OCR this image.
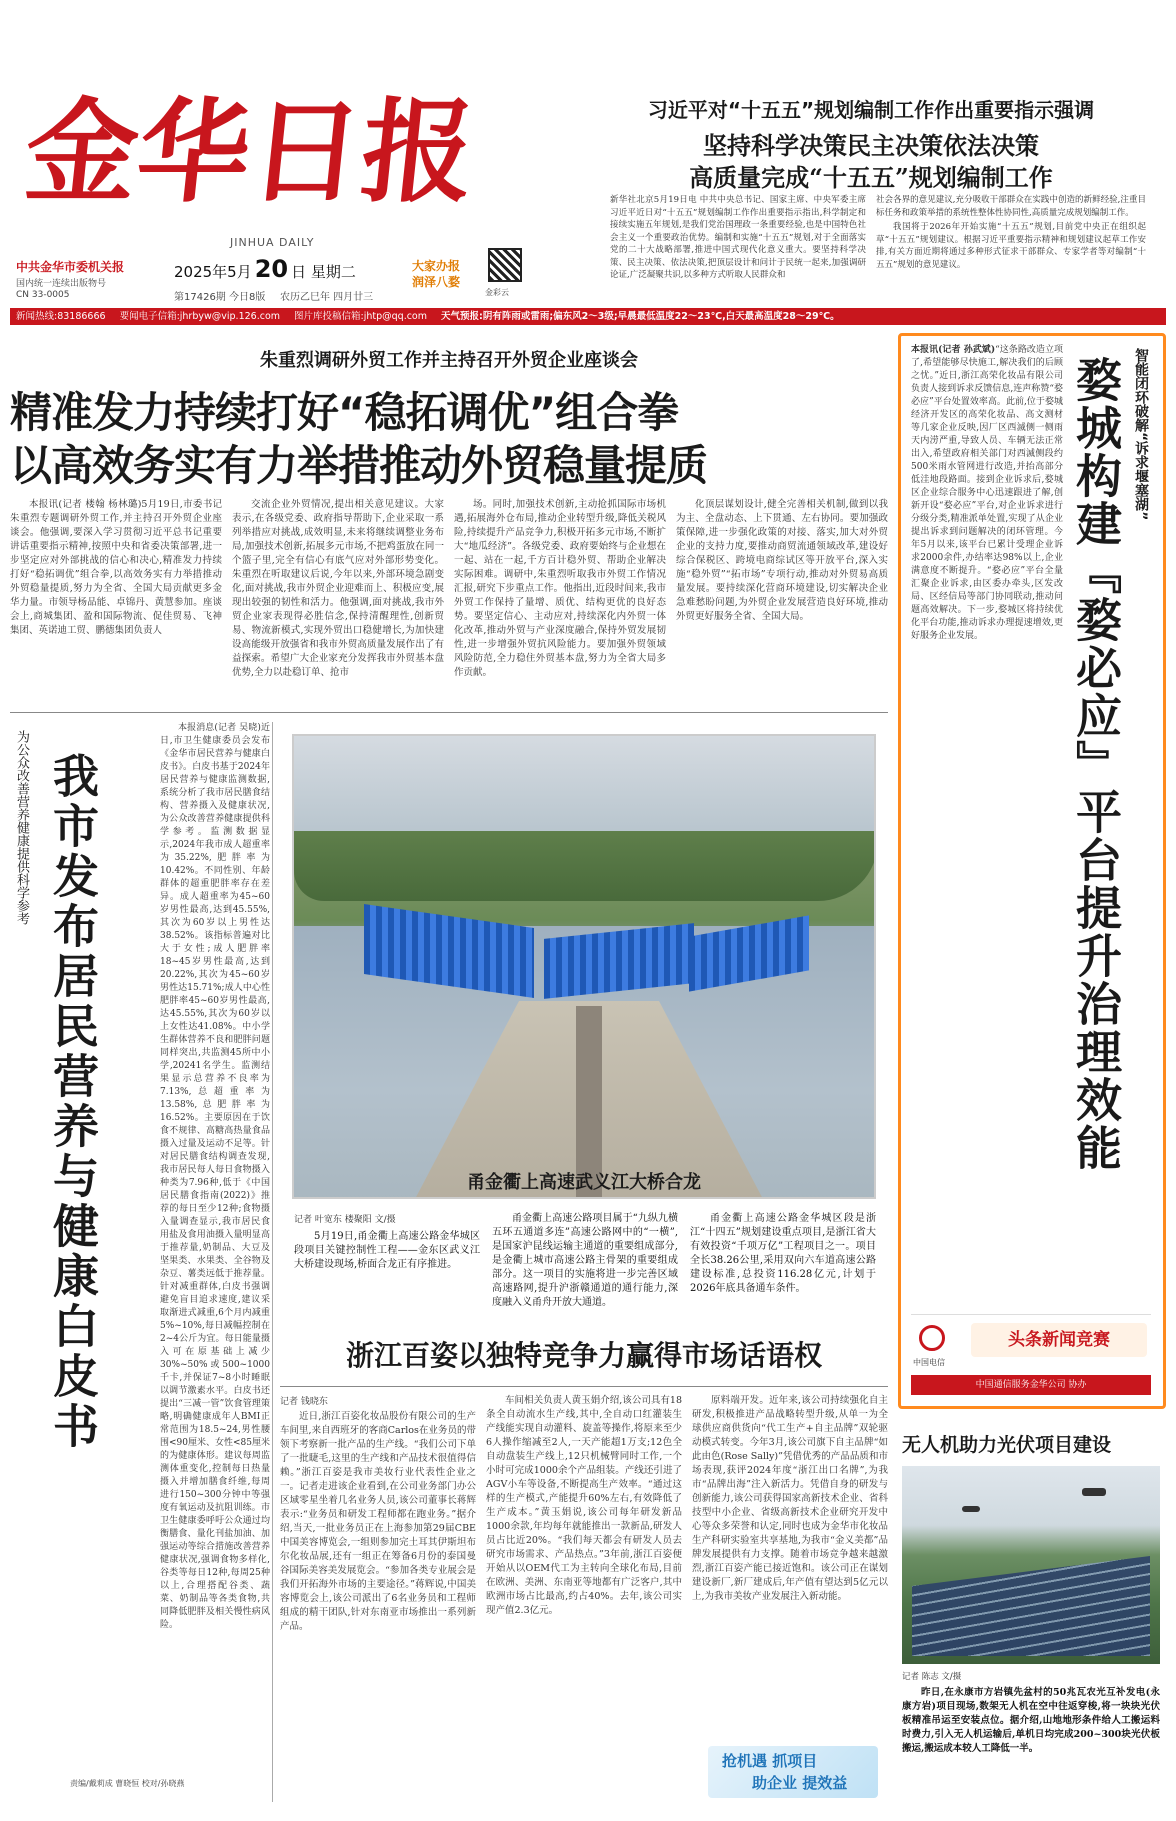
金
华
日
报
JINHUA DAILY
中共金华市委机关报
国内统一连续出版物号
CN 33-0005
2025年5月 20 日 星期二
第17426期 今日8版 农历乙巳年 四月廿三
大家办报
润泽八婺
金彩云
习近平对“十五五”规划编制工作作出重要指示强调
坚持科学决策民主决策依法决策
高质量完成“十五五”规划编制工作
新华社北京5月19日电 中共中央总书记、国家主席、中央军委主席习近平近日对“十五五”规划编制工作作出重要指示指出,科学制定和接续实施五年规划,是我们党治国理政一条重要经验,也是中国特色社会主义一个重要政治优势。编制和实施“十五五”规划,对于全面落实党的二十大战略部署,推进中国式现代化意义重大。要坚持科学决策、民主决策、依法决策,把顶层设计和问计于民统一起来,加强调研论证,广泛凝聚共识,以多种方式听取人民群众和

社会各界的意见建议,充分吸收干部群众在实践中创造的新鲜经验,注重目标任务和政策举措的系统性整体性协同性,高质量完成规划编制工作。

我国将于2026年开始实施“十五五”规划,目前党中央正在组织起草“十五五”规划建议。根据习近平重要指示精神和规划建议起草工作安排,有关方面近期将通过多种形式征求干部群众、专家学者等对编制“十五五”规划的意见建议。

新闻热线:83186666 要闻电子信箱:jhrbyw@vip.126.com 图片库投稿信箱:jhtp@qq.com 天气预报:阴有阵雨或雷雨;偏东风2～3级;早晨最低温度22～23℃,白天最高温度28～29℃。
朱重烈调研外贸工作并主持召开外贸企业座谈会
精准发力持续打好“稳拓调优”组合拳
以高效务实有力举措推动外贸稳量提质
本报讯(记者 楼翰 杨林璐)5月19日,市委书记朱重烈专题调研外贸工作,并主持召开外贸企业座谈会。他强调,要深入学习贯彻习近平总书记重要讲话重要指示精神,按照中央和省委决策部署,进一步坚定应对外部挑战的信心和决心,精准发力持续打好“稳拓调优”组合拳,以高效务实有力举措推动外贸稳量提质,努力为全省、全国大局贡献更多金华力量。市领导杨品能、卓锦丹、黄慧参加。座谈会上,商城集团、盈和国际物流、促佳贸易、飞神集团、英诺迪工贸、鹏德集团负责人
交流企业外贸情况,提出相关意见建议。大家表示,在各级党委、政府指导帮助下,企业采取一系列举措应对挑战,成效明显,未来将继续调整业务布局,加强技术创新,拓展多元市场,不把鸡蛋放在同一个篮子里,完全有信心有底气应对外部形势变化。朱重烈在听取建议后说,今年以来,外部环境急剧变化,面对挑战,我市外贸企业迎难而上、积极应变,展现出较强的韧性和活力。他强调,面对挑战,我市外贸企业家表现得必胜信念,保持清醒理性,创新贸易、物流新模式,实现外贸出口稳健增长,为加快建设高能级开放强省和我市外贸高质量发展作出了有益探索。希望广大企业家充分发挥我市外贸基本盘优势,全力以赴稳订单、抢市
场。同时,加强技术创新,主动抢抓国际市场机遇,拓展海外仓布局,推动企业转型升级,降低关税风险,持续提升产品竞争力,积极开拓多元市场,不断扩大“地瓜经济”。各级党委、政府要始终与企业想在一起、站在一起,千方百计稳外贸、帮助企业解决实际困难。调研中,朱重烈听取我市外贸工作情况汇报,研究下步重点工作。他指出,近段时间来,我市外贸工作保持了量增、质优、结构更优的良好态势。要坚定信心、主动应对,持续深化内外贸一体化改革,推动外贸与产业深度融合,保持外贸发展韧性,进一步增强外贸抗风险能力。要加强外贸领域风险防范,全力稳住外贸基本盘,努力为全省大局多作贡献。
化顶层谋划设计,健全完善相关机制,做到以我为主、全盘动态、上下贯通、左右协同。要加强政策保障,进一步强化政策的对接、落实,加大对外贸企业的支持力度,要推动商贸流通领域改革,建设好综合保税区、跨境电商综试区等开放平台,深入实施“稳外贸”“拓市场”专项行动,推动对外贸易高质量发展。要持续深化营商环境建设,切实解决企业急难愁盼问题,为外贸企业发展营造良好环境,推动外贸更好服务全省、全国大局。
智能闭环破解“诉求堰塞湖”
婺城构建『婺必应』平台提升治理效能
本报讯(记者 孙武斌)“这条路改造立项了,希望能够尽快施工,解决我们的后顾之忧。”近日,浙江高荣化妆品有限公司负责人接到诉求反馈信息,连声称赞“婺必应”平台处置效率高。此前,位于婺城经济开发区的高荣化妆品、高文测材等几家企业反映,因厂区西滅侧一侧雨天内涝严重,导致人员、车辆无法正常出入,希望政府相关部门对西滅侧段约500米雨水管网进行改造,并抬高部分低洼地段路面。接到企业诉求后,婺城区企业综合服务中心迅速跟进了解,创新开设“婺必应”平台,对企业诉求进行分级分类,精准派单处置,实现了从企业提出诉求到问题解决的闭环管理。今年5月以来,该平台已累计受理企业诉求2000余件,办结率达98%以上,企业满意度不断提升。“婺必应”平台全量汇聚企业诉求,由区委办牵头,区发改局、区经信局等部门协同联动,推动问题高效解决。下一步,婺城区将持续优化平台功能,推动诉求办理提速增效,更好服务企业发展。
中国电信
头条新闻竞赛
中国通信服务金华公司 协办
为公众改善营养健康提供科学参考 我市发布居民营养与健康白皮书
本报消息(记者 吴晓)近日,市卫生健康委员会发布《金华市居民营养与健康白皮书》。白皮书基于2024年居民营养与健康监测数据,系统分析了我市居民膳食结构、营养摄入及健康状况,为公众改善营养健康提供科学参考。监测数据显示,2024年我市成人超重率为35.22%,肥胖率为10.42%。不同性别、年龄群体的超重肥胖率存在差异。成人超重率为45~60岁男性最高,达到45.55%,其次为60岁以上男性达38.52%。该指标普遍对比大于女性;成人肥胖率18~45岁男性最高,达到20.22%,其次为45~60岁男性达15.71%;成人中心性肥胖率45~60岁男性最高,达45.55%,其次为60岁以上女性达41.08%。中小学生群体营养不良和肥胖问题同样突出,共监测45所中小学,20241名学生。监测结果显示总营养不良率为7.13%,总超重率为13.58%,总肥胖率为16.52%。主要原因在于饮食不规律、高糖高热量食品摄入过量及运动不足等。针对居民膳食结构调查发现,我市居民每人每日食物摄入种类为7.96种,低于《中国居民膳食指南(2022)》推荐的每日至少12种;食物摄入量调查显示,我市居民食用盐及食用油摄入量明显高于推荐量,奶制品、大豆及坚果类、水果类、全谷物及杂豆、薯类远低于推荐量。针对减重群体,白皮书强调避免盲目追求速度,建议采取渐进式减重,6个月内减重5%~10%,每日减幅控制在2~4公斤为宜。每日能量摄入可在原基础上减少30%~50%或500~1000千卡,并保证7~8小时睡眠以调节激素水平。白皮书还提出“三减一管”饮食管理策略,明确健康成年人BMI正常范围为18.5~24,男性腰围<90厘米、女性<85厘米的为健康体形。建议每周监测体重变化,控制每日热量摄入并增加膳食纤维,每周进行150~300分钟中等强度有氧运动及抗阻训练。市卫生健康委呼吁公众通过均衡膳食、量化刊盐加油、加强运动等综合措施改善营养健康状况,强调食物多样化,谷类等每日12种,每周25种以上,合理搭配谷类、蔬菜、奶制品等各类食物,共同降低肥胖及相关慢性病风险。
责编/戴莉成 曹晓恒 校对/孙晓燕
甬金衢上高速武义江大桥合龙
记者 叶宽东 楼聚阳 文/摄
5月19日,甬金衢上高速公路金华城区段项目关键控制性工程——金东区武义江大桥建设现场,桥面合龙正有序推进。
甬金衢上高速公路项目属于“九纵九横五环五通道多连”高速公路网中的“一横”,是国家沪昆线运输主通道的重要组成部分,是金衢上城市高速公路主骨架的重要组成部分。这一项目的实施将进一步完善区域高速路网,提升沪浙赣通道的通行能力,深度融入义甬舟开放大通道。
甬金衢上高速公路金华城区段是浙江“十四五”规划建设重点项目,是浙江省大有效投资“千项万亿”工程项目之一。项目全长38.26公里,采用双向六车道高速公路建设标准,总投资116.28亿元,计划于2026年底具备通车条件。
浙江百姿以独特竞争力赢得市场话语权
记者 钱晓东
近日,浙江百姿化妆品股份有限公司的生产车间里,来自西班牙的客商Carlos在业务员的带领下考察新一批产品的生产线。“我们公司下单了一批睫毛,这里的生产线和产品技术很值得信赖。”浙江百姿是我市美妆行业代表性企业之一。记者走进该企业看到,在公司业务部门办公区域零星坐着几名业务人员,该公司董事长蒋辉表示:“业务员和研发工程师都在跑业务。”据介绍,当天,一批业务员正在上海参加第29届CBE中国美容博览会,一组则参加完土耳其伊斯坦布尔化妆品展,还有一组正在筹备6月份的泰国曼谷国际美容美发展览会。“参加各类专业展会是我们开拓海外市场的主要途径。”蒋辉说,中国美容博览会上,该公司派出了6名业务员和工程师组成的精干团队,针对东南亚市场推出一系列新产品。
车间相关负责人黄玉娟介绍,该公司具有18条全自动流水生产线,其中,全自动口红灌装生产线能实现自动灌料、旋盖等操作,将原来至少6人操作缩减至2人,一天产能超1万支;12色全自动盘装生产线上,12只机械臂同时工作,一个小时可完成1000余个产品组装。产线还引进了AGV小车等设备,不断提高生产效率。“通过这样的生产模式,产能提升60%左右,有效降低了生产成本。”黄玉娟说,该公司每年研发新品1000余款,年均每年就能推出一款新品,研发人员占比近20%。“我们每天都会有研发人员去研究市场需求、产品热点。”3年前,浙江百姿便开始从以OEM代工为主转向全球化布局,目前在欧洲、美洲、东南亚等地都有广泛客户,其中欧洲市场占比最高,约占40%。去年,该公司实现产值2.3亿元。
原料端开发。近年来,该公司持续强化自主研发,积极推进产品战略转型升级,从单一为全球供应商供货向“代工生产+自主品牌”双轮驱动模式转变。今年3月,该公司旗下自主品牌“如此由色(Rose Sally)”凭借优秀的产品品质和市场表现,获评2024年度“浙江出口名牌”,为我市“品牌出海”注入新活力。凭借自身的研发与创新能力,该公司获得国家高新技术企业、省科技型中小企业、省级高新技术企业研究开发中心等众多荣誉和认定,同时也成为金华市化妆品生产科研实验室共享基地,为我市“金义美都”品牌发展提供有力支撑。随着市场竞争越来越激烈,浙江百姿产能已接近饱和。该公司正在谋划建设新厂,新厂建成后,年产值有望达到5亿元以上,为我市美妆产业发展注入新动能。
抢机遇 抓项目
助企业 提效益
无人机助力光伏项目建设
记者 陈志 文/摄
昨日,在永康市方岩镇先盆村的50兆瓦农光互补发电(永康方岩)项目现场,数架无人机在空中往返穿梭,将一块块光伏板精准吊运至安装点位。据介绍,山地地形条件给人工搬运料时费力,引入无人机运输后,单机日均完成200~300块光伏板搬运,搬运成本较人工降低一半。
